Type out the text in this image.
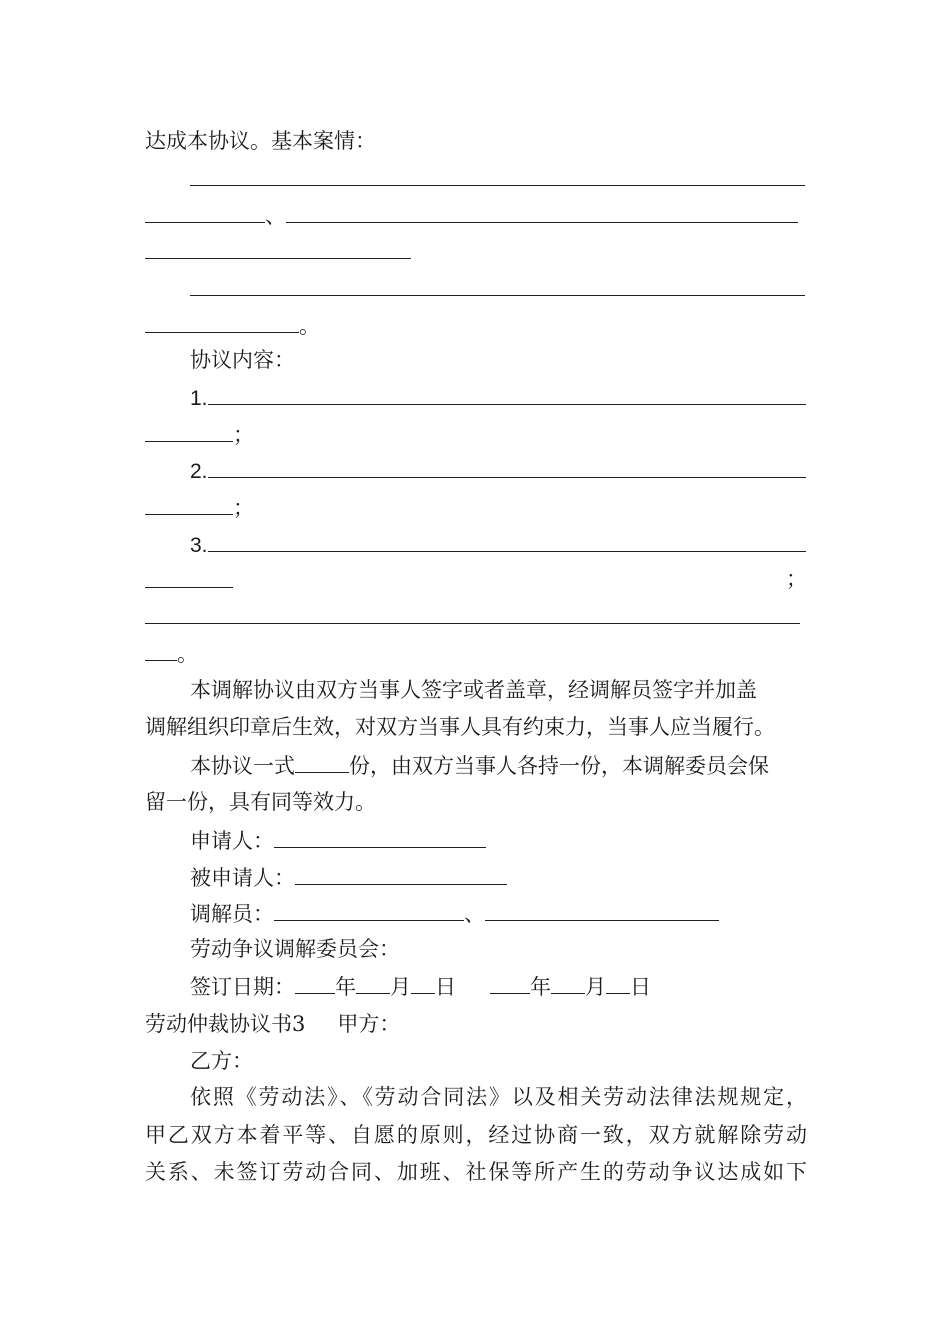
达成本协议。基本案情：
、
。
协议内容：
1.
；
2.
；
3.
；
。
本调解协议由双方当事人签字或者盖章，经调解员签字并加盖
调解组织印章后生效，对双方当事人具有约束力，当事人应当履行。
本协议一式	份，由双方当事人各持一份，本调解委员会保
留一份，具有同等效力。
申请人：
被申请人：
调解员：	、
劳动争议调解委员会：
签订日期： 年 月 日	年 月 日
劳动仲裁协议书3 甲方：
乙方：
依照《劳动法》、《劳动合同法》以及相关劳动法律法规规定，
甲乙双方本着平等、自愿的原则，经过协商一致，双方就解除劳动
关系、未签订劳动合同、加班、社保等所产生的劳动争议达成如下
